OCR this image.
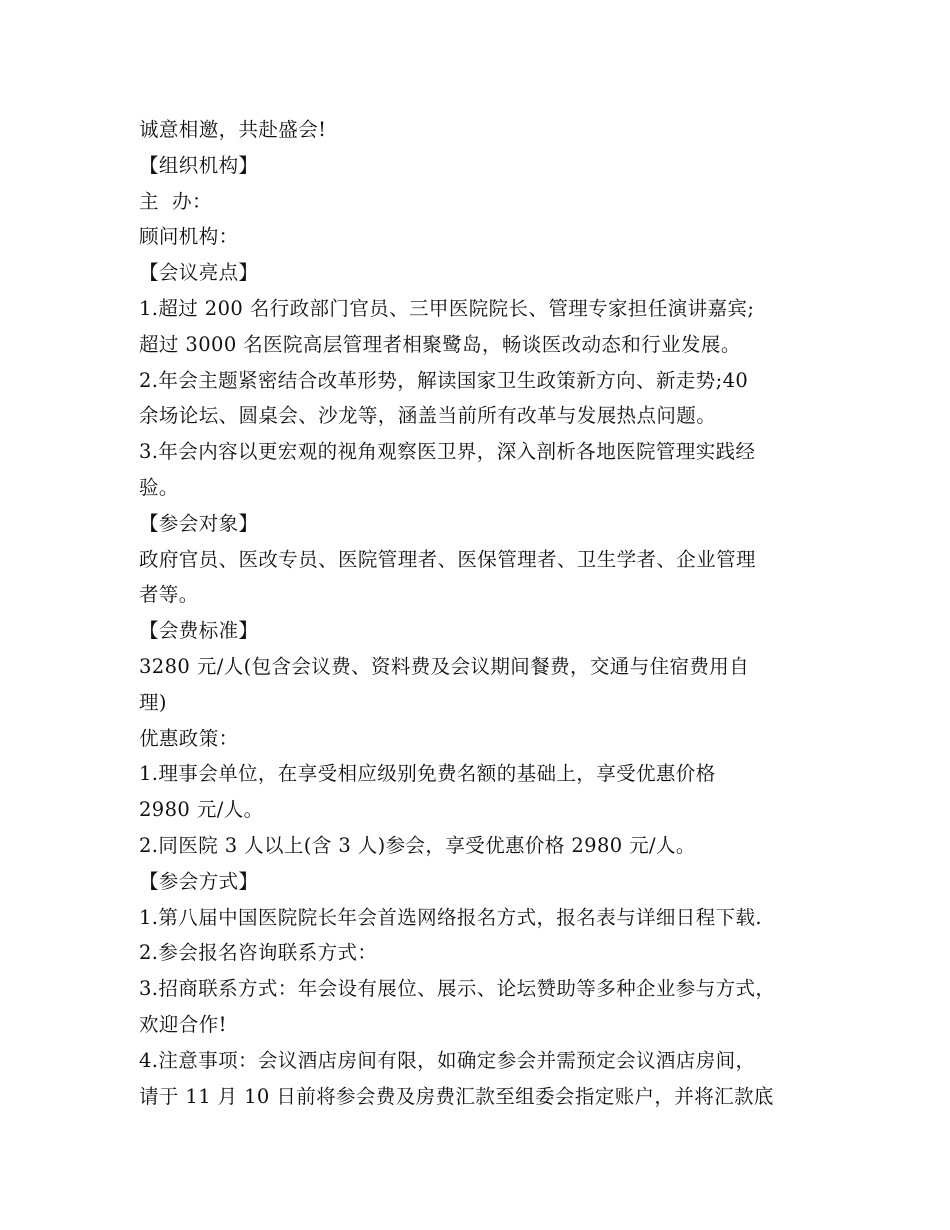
诚意相邀，共赴盛会!
【组织机构】
主  办：
顾问机构：
【会议亮点】
1.超过 200 名行政部门官员、三甲医院院长、管理专家担任演讲嘉宾;
超过 3000 名医院高层管理者相聚鹭岛，畅谈医改动态和行业发展。
2.年会主题紧密结合改革形势，解读国家卫生政策新方向、新走势;40
余场论坛、圆桌会、沙龙等，涵盖当前所有改革与发展热点问题。
3.年会内容以更宏观的视角观察医卫界，深入剖析各地医院管理实践经
验。
【参会对象】
政府官员、医改专员、医院管理者、医保管理者、卫生学者、企业管理
者等。
【会费标准】
3280 元/人(包含会议费、资料费及会议期间餐费，交通与住宿费用自
理)
优惠政策：
1.理事会单位，在享受相应级别免费名额的基础上，享受优惠价格
2980 元/人。
2.同医院 3 人以上(含 3 人)参会，享受优惠价格 2980 元/人。
【参会方式】
1.第八届中国医院院长年会首选网络报名方式，报名表与详细日程下载.
2.参会报名咨询联系方式：
3.招商联系方式：年会设有展位、展示、论坛赞助等多种企业参与方式，
欢迎合作!
4.注意事项：会议酒店房间有限，如确定参会并需预定会议酒店房间，
请于 11 月 10 日前将参会费及房费汇款至组委会指定账户，并将汇款底
